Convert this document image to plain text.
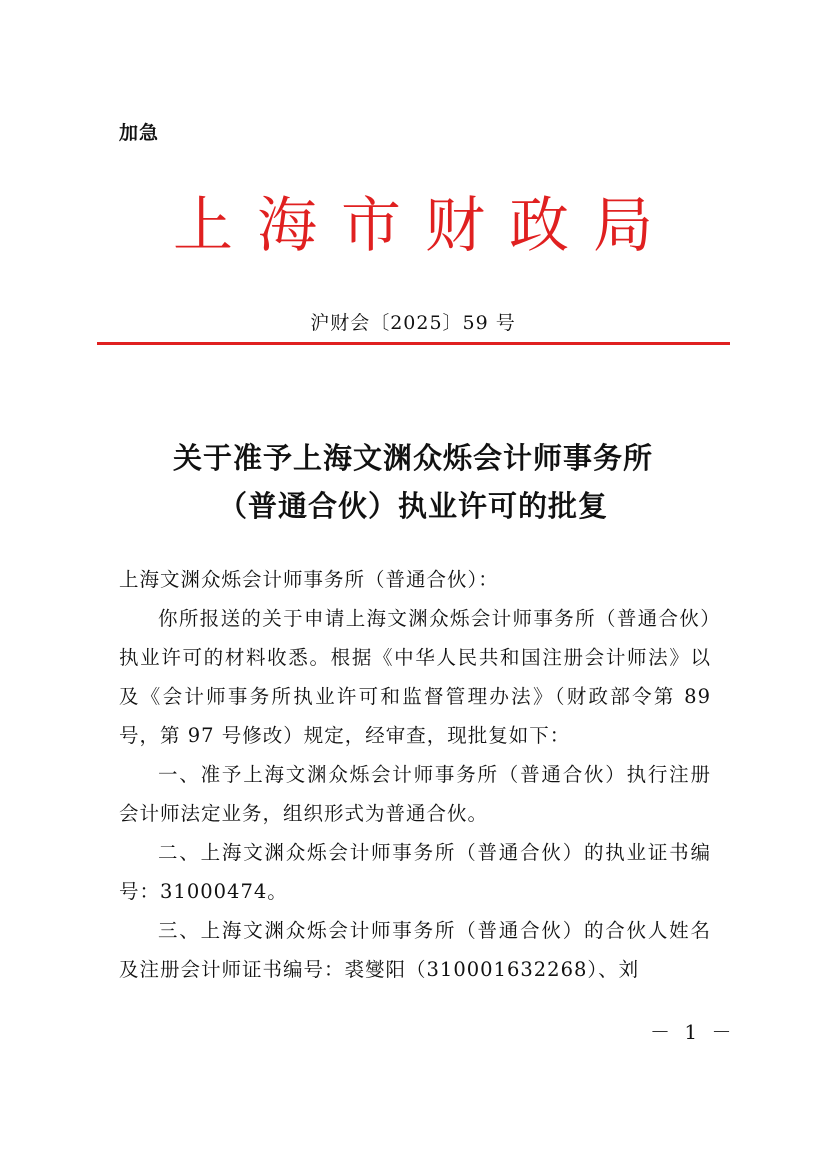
加急
上海市财政局
沪财会〔2025〕59 号
关于准予上海文渊众烁会计师事务所
（普通合伙）执业许可的批复

上海文渊众烁会计师事务所（普通合伙）：

你所报送的关于申请上海文渊众烁会计师事务所（普通合伙）执业许可的材料收悉。根据《中华人民共和国注册会计师法》以及《会计师事务所执业许可和监督管理办法》（财政部令第 89 号，第 97 号修改）规定，经审查，现批复如下：

一、准予上海文渊众烁会计师事务所（普通合伙）执行注册会计师法定业务，组织形式为普通合伙。

二、上海文渊众烁会计师事务所（普通合伙）的执业证书编号：31000474。

三、上海文渊众烁会计师事务所（普通合伙）的合伙人姓名及注册会计师证书编号：裘燮阳（310001632268）、刘

－ 1 －
